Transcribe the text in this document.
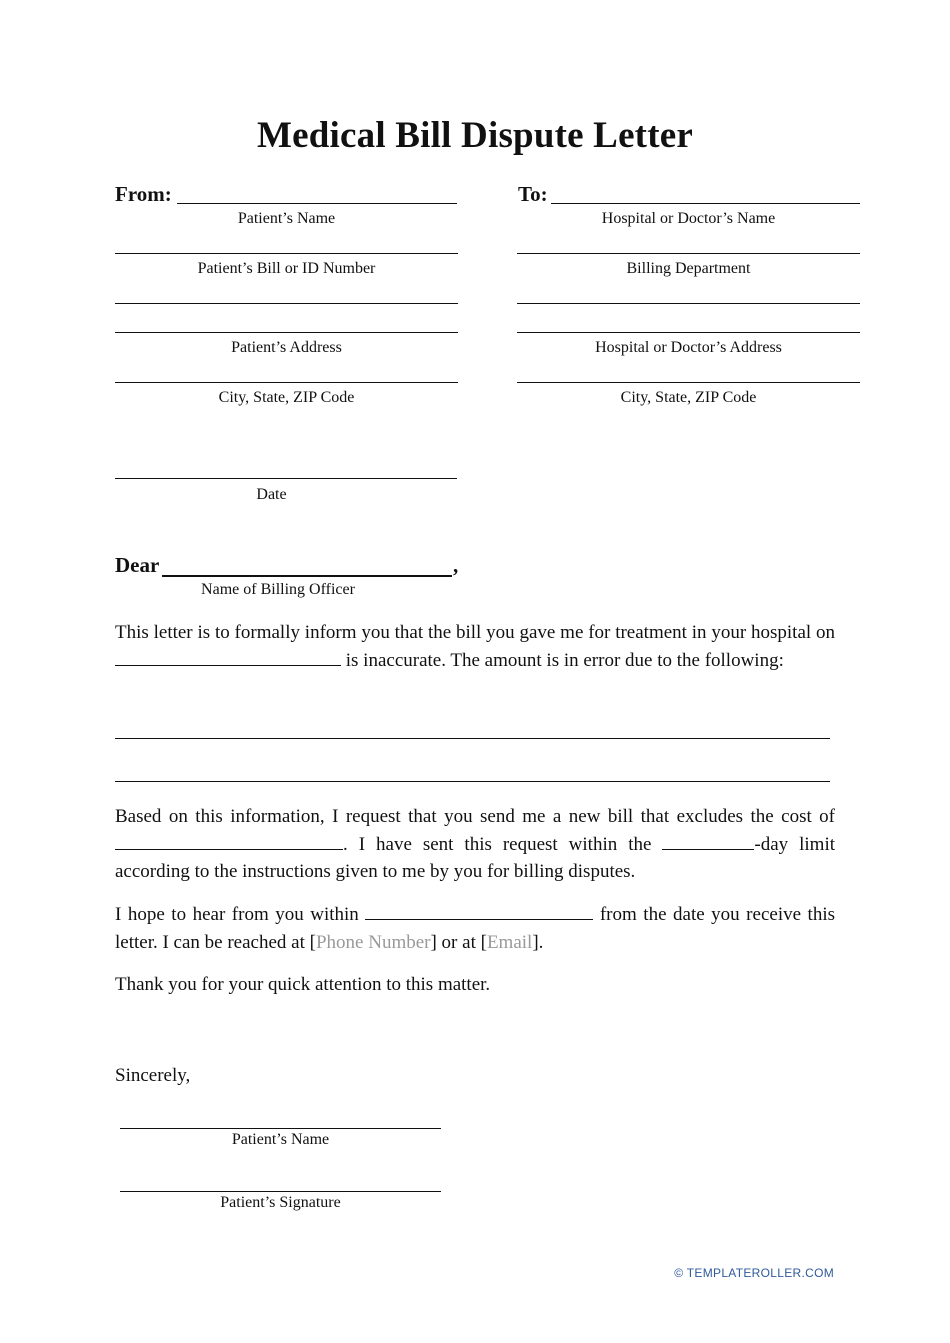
Medical Bill Dispute Letter
From:
Patient’s Name
Patient’s Bill or ID Number
Patient’s Address
City, State, ZIP Code
Date
To:
Hospital or Doctor’s Name
Billing Department
Hospital or Doctor’s Address
City, State, ZIP Code
Dear	,
Name of Billing Officer
This letter is to formally inform you that the bill you gave me for treatment in your hospital on  is inaccurate. The amount is in error due to the following:
Based on this information, I request that you send me a new bill that excludes the cost of . I have sent this request within the	-day limit according to the instructions given to me by you for billing disputes.
I hope to hear from you within	from the date you receive this letter. I can be reached at [Phone Number] or at [Email].
Thank you for your quick attention to this matter.
Sincerely,
Patient’s Name
Patient’s Signature
© TEMPLATEROLLER.COM
